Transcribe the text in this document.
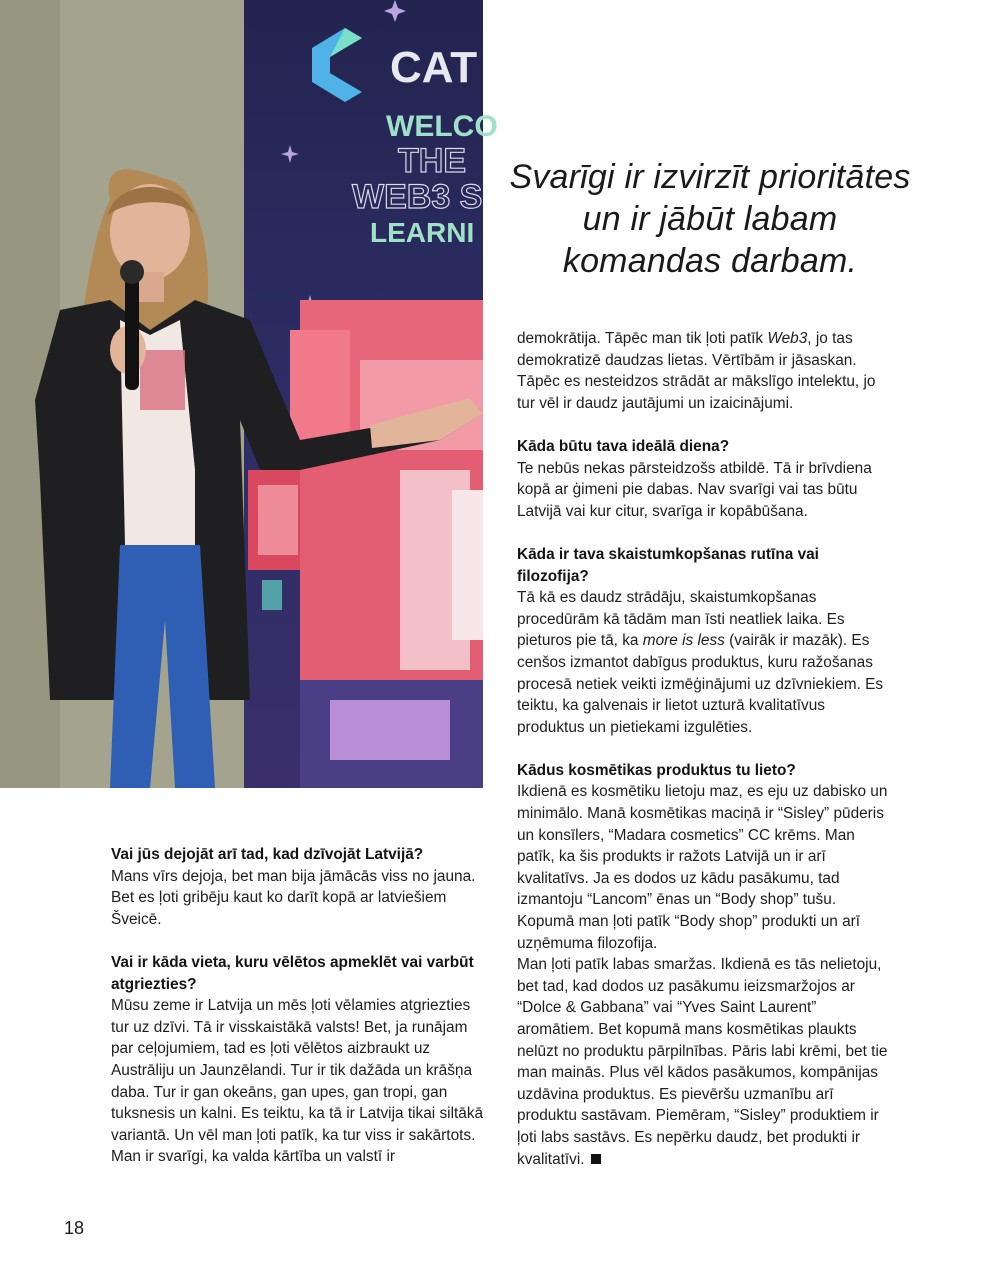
CAT
WELCO
THE
WEB3 S
LEARNI
Svarīgi ir izvirzīt prioritātes
un ir jābūt labam
komandas darbam.

demokrātija. Tāpēc man tik ļoti patīk Web3, jo tas demokratizē daudzas lietas. Vērtībām ir jāsaskan. Tāpēc es nesteidzos strādāt ar mākslīgo intelektu, jo tur vēl ir daudz jautājumi un izaicinājumi.

Kāda būtu tava ideālā diena?

Te nebūs nekas pārsteidzošs atbildē. Tā ir brīvdiena kopā ar ģimeni pie dabas. Nav svarīgi vai tas būtu Latvijā vai kur citur, svarīga ir kopābūšana.

Kāda ir tava skaistumkopšanas rutīna vai filozofija?

Tā kā es daudz strādāju, skaistumkopšanas procedūrām kā tādām man īsti neatliek laika. Es pieturos pie tā, ka more is less (vairāk ir mazāk). Es cenšos izmantot dabīgus produktus, kuru ražošanas procesā netiek veikti izmēģinājumi uz dzīvniekiem. Es teiktu, ka galvenais ir lietot uzturā kvalitatīvus produktus un pietiekami izgulēties.

Kādus kosmētikas produktus tu lieto?

Ikdienā es kosmētiku lietoju maz, es eju uz dabisko un minimālo. Manā kosmētikas maciņā ir “Sisley” pūderis un konsīlers, “Madara cosmetics” CC krēms. Man patīk, ka šis produkts ir ražots Latvijā un ir arī kvalitatīvs. Ja es dodos uz kādu pasākumu, tad izmantoju “Lancom” ēnas un “Body shop” tušu. Kopumā man ļoti patīk “Body shop” produkti un arī uzņēmuma filozofija.

Man ļoti patīk labas smaržas. Ikdienā es tās nelietoju, bet tad, kad dodos uz pasākumu ieizsmaržojos ar “Dolce & Gabbana” vai “Yves Saint Laurent” aromātiem. Bet kopumā mans kosmētikas plaukts nelūzt no produktu pārpilnības. Pāris labi krēmi, bet tie man mainās. Plus vēl kādos pasākumos, kompānijas uzdāvina produktus. Es pievēršu uzmanību arī produktu sastāvam. Piemēram, “Sisley” produktiem ir ļoti labs sastāvs. Es nepērku daudz, bet produkti ir kvalitatīvi.

Vai jūs dejojāt arī tad, kad dzīvojāt Latvijā?

Mans vīrs dejoja, bet man bija jāmācās viss no jauna. Bet es ļoti gribēju kaut ko darīt kopā ar latviešiem Šveicē.

Vai ir kāda vieta, kuru vēlētos apmeklēt vai varbūt atgriezties?

Mūsu zeme ir Latvija un mēs ļoti vēlamies atgriezties tur uz dzīvi. Tā ir visskaistākā valsts! Bet, ja runājam par ceļojumiem, tad es ļoti vēlētos aizbraukt uz Austrāliju un Jaunzēlandi. Tur ir tik dažāda un krāšņa daba. Tur ir gan okeāns, gan upes, gan tropi, gan tuksnesis un kalni. Es teiktu, ka tā ir Latvija tikai siltākā variantā. Un vēl man ļoti patīk, ka tur viss ir sakārtots. Man ir svarīgi, ka valda kārtība un valstī ir

18
